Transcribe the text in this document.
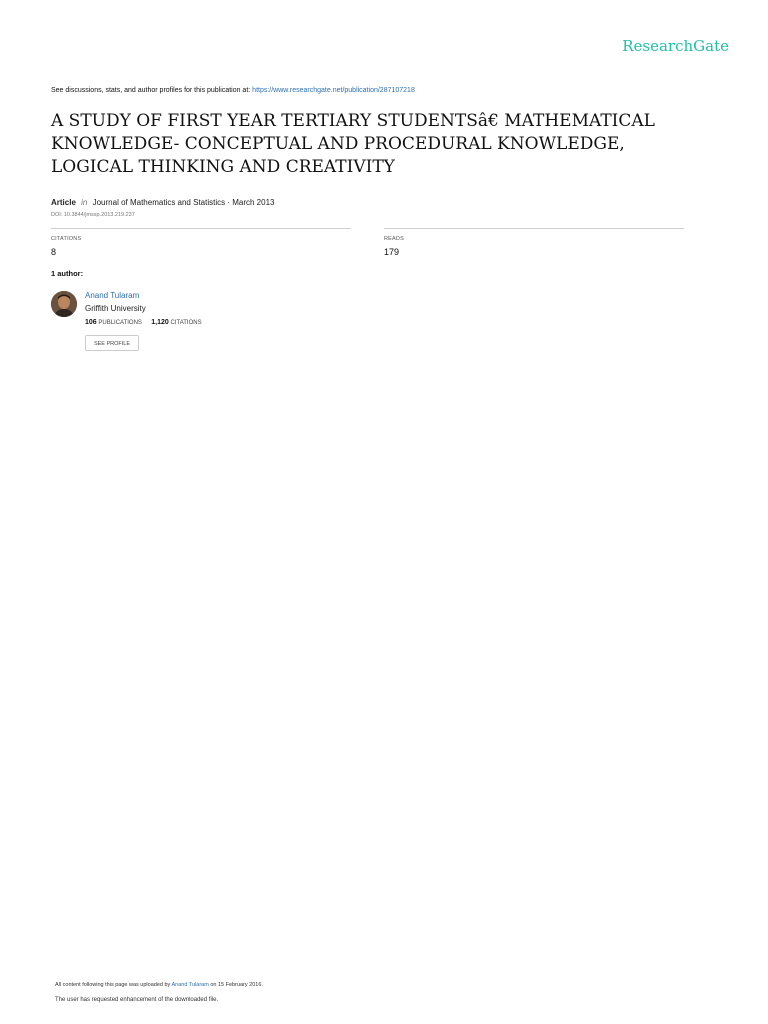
ResearchGate
See discussions, stats, and author profiles for this publication at: https://www.researchgate.net/publication/287107218
A STUDY OF FIRST YEAR TERTIARY STUDENTSâ€ MATHEMATICAL KNOWLEDGE- CONCEPTUAL AND PROCEDURAL KNOWLEDGE, LOGICAL THINKING AND CREATIVITY
Article in Journal of Mathematics and Statistics · March 2013
DOI: 10.3844/jmssp.2013.219.237
CITATIONS
8
READS
179
1 author:
Anand Tularam
Griffith University
106 PUBLICATIONS 1,120 CITATIONS
SEE PROFILE
All content following this page was uploaded by Anand Tularam on 15 February 2016.
The user has requested enhancement of the downloaded file.
